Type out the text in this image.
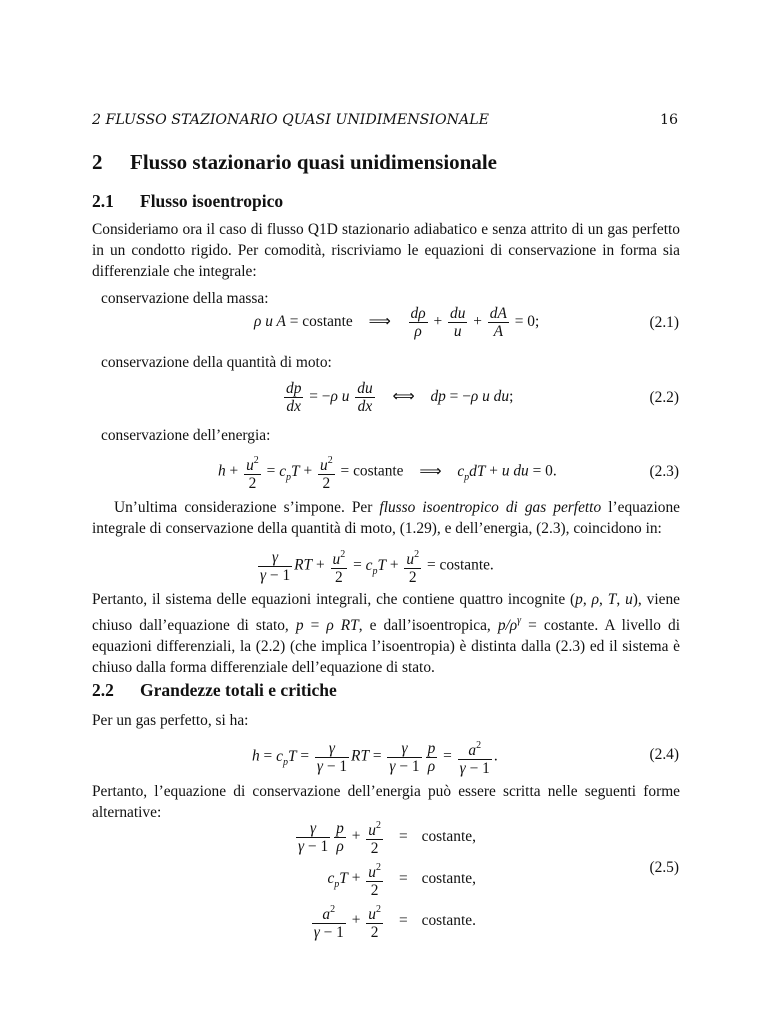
2 FLUSSO STAZIONARIO QUASI UNIDIMENSIONALE	16
2 Flusso stazionario quasi unidimensionale
2.1 Flusso isoentropico
Consideriamo ora il caso di flusso Q1D stazionario adiabatico e senza attrito di un gas perfetto in un condotto rigido. Per comodità, riscriviamo le equazioni di conservazione in forma sia differenziale che integrale:
conservazione della massa:
ρ u A = costante ⟹ $\frac{d\rho}{\rho} + \frac{du}{u} + \frac{dA}{A} = 0$;	(2.1)
conservazione della quantità di moto:
$\frac{dp}{dx} = -\rho$ u $\frac{du}{dx}$ ⟺ dp = −ρ u du;	(2.2)
conservazione dell’energia:
$h + \frac{u^2}{2} = c_pT + \frac{u^2}{2}$ = costante ⟹ $c_pdT + u$ du = 0.	(2.3)
Un’ultima considerazione s’impone. Per flusso isoentropico di gas perfetto l’equazione integrale di conservazione della quantità di moto, (1.29), e dell’energia, (2.3), coincidono in:
$\frac{\gamma}{\gamma - 1}$ RT + $\frac{u^2}{2} = c_pT + \frac{u^2}{2}$ = costante.
Pertanto, il sistema delle equazioni integrali, che contiene quattro incognite (p, ρ, T, u), viene chiuso dall’equazione di stato, p = ρ RT, e dall’isoentropica, $p/\rho^\gamma$ = costante. A livello di equazioni differenziali, la (2.2) (che implica l’isoentropia) è distinta dalla (2.3) ed il sistema è chiuso dalla forma differenziale dell’equazione di stato.
2.2 Grandezze totali e critiche
Per un gas perfetto, si ha:
$h = c_pT = \frac{\gamma}{\gamma - 1}$ RT = $\frac{\gamma}{\gamma - 1} \frac{p}{\rho} = \frac{a^2}{\gamma - 1}$ .	(2.4)
Pertanto, l’equazione di conservazione dell’energia può essere scritta nelle seguenti forme alternative:
$\frac{\gamma}{\gamma - 1} \frac{p}{\rho} + \frac{u^2}{2}$	=	costante,
$c_pT + \frac{u^2}{2}$	=	costante,

$\frac{a^2}{\gamma - 1} + \frac{u^2}{2}$	=	costante.
(2.5)
